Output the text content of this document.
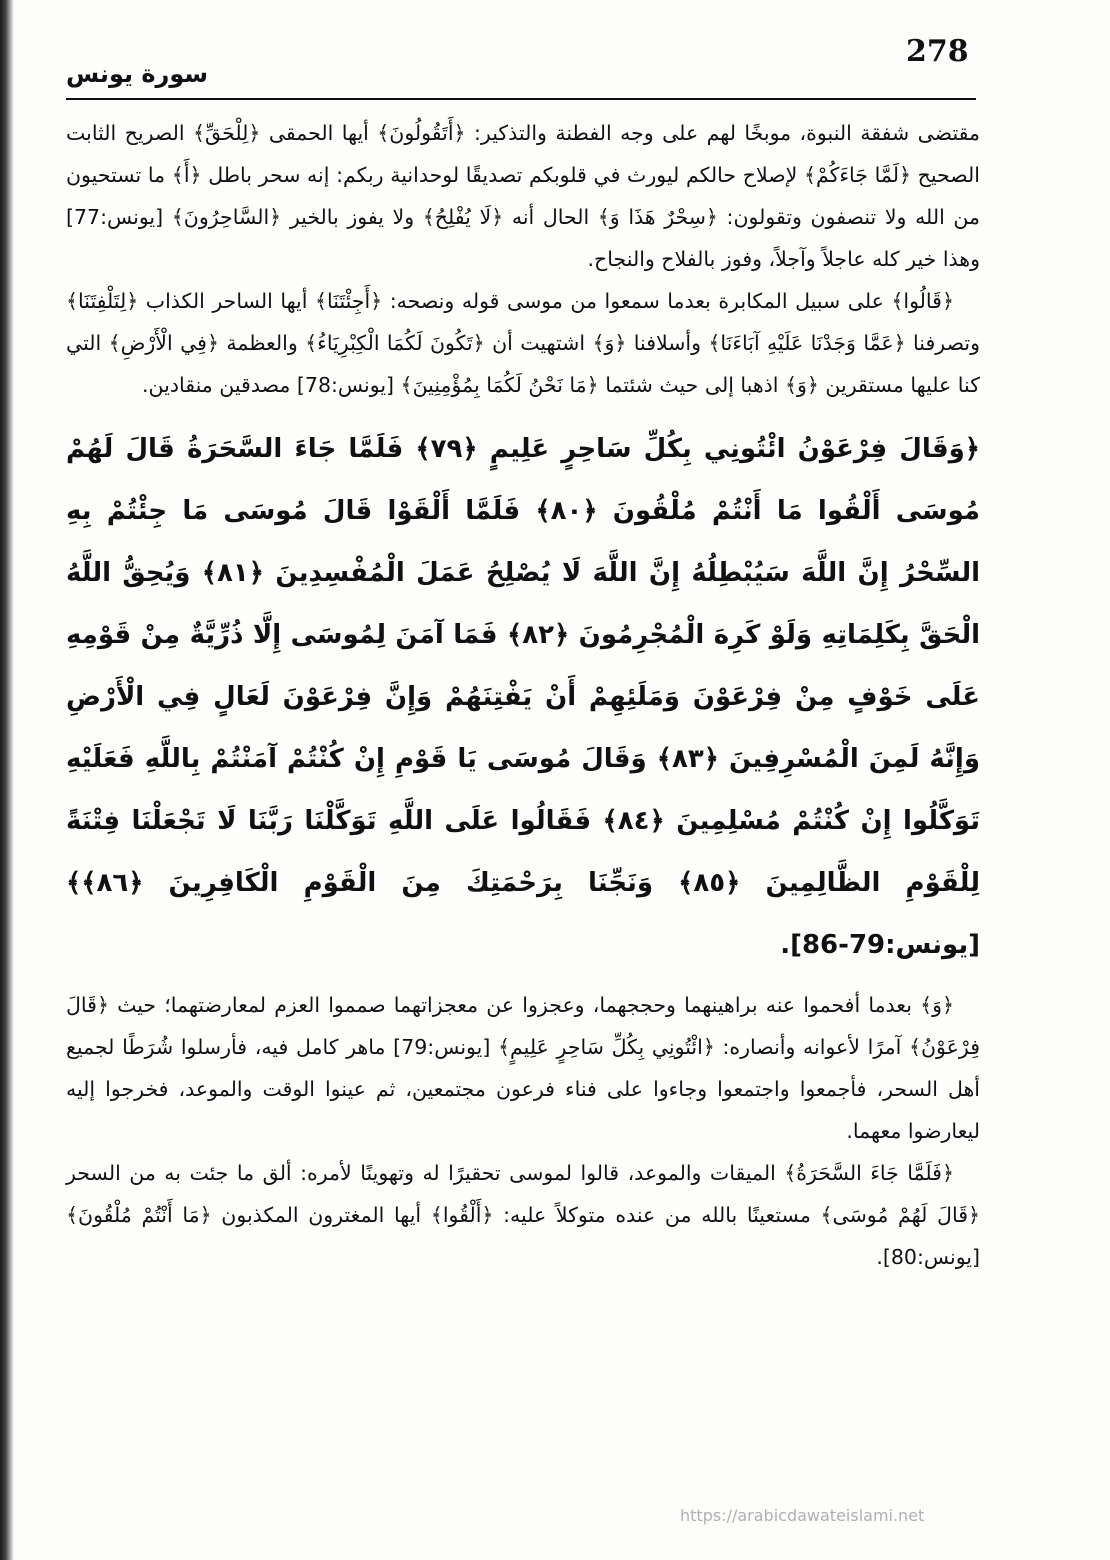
278
سورة يونس

مقتضى شفقة النبوة، موبخًا لهم على وجه الفطنة والتذكير: ﴿أَتَقُولُونَ﴾ أيها الحمقى ﴿لِلْحَقِّ﴾ الصريح الثابت الصحيح ﴿لَمَّا جَاءَكُمْ﴾ لإصلاح حالكم ليورث في قلوبكم تصديقًا لوحدانية ربكم: إنه سحر باطل ﴿أَ﴾ ما تستحيون من الله ولا تنصفون وتقولون: ﴿سِحْرٌ هَذَا وَ﴾ الحال أنه ﴿لَا يُفْلِحُ﴾ ولا يفوز بالخير ﴿السَّاحِرُونَ﴾ [يونس:77] وهذا خير كله عاجلاً وآجلاً، وفوز بالفلاح والنجاح.

﴿قَالُوا﴾ على سبيل المكابرة بعدما سمعوا من موسى قوله ونصحه: ﴿أَجِئْتَنَا﴾ أيها الساحر الكذاب ﴿لِتَلْفِتَنَا﴾ وتصرفنا ﴿عَمَّا وَجَدْنَا عَلَيْهِ آبَاءَنَا﴾ وأسلافنا ﴿وَ﴾ اشتهيت أن ﴿تَكُونَ لَكُمَا الْكِبْرِيَاءُ﴾ والعظمة ﴿فِي الْأَرْضِ﴾ التي كنا عليها مستقرين ﴿وَ﴾ اذهبا إلى حيث شئتما ﴿مَا نَحْنُ لَكُمَا بِمُؤْمِنِينَ﴾ [يونس:78] مصدقين منقادين.

﴿وَقَالَ فِرْعَوْنُ ائْتُونِي بِكُلِّ سَاحِرٍ عَلِيمٍ ﴿٧٩﴾ فَلَمَّا جَاءَ السَّحَرَةُ قَالَ لَهُمْ مُوسَى أَلْقُوا مَا أَنْتُمْ مُلْقُونَ ﴿٨٠﴾ فَلَمَّا أَلْقَوْا قَالَ مُوسَى مَا جِئْتُمْ بِهِ السِّحْرُ إِنَّ اللَّهَ سَيُبْطِلُهُ إِنَّ اللَّهَ لَا يُصْلِحُ عَمَلَ الْمُفْسِدِينَ ﴿٨١﴾ وَيُحِقُّ اللَّهُ الْحَقَّ بِكَلِمَاتِهِ وَلَوْ كَرِهَ الْمُجْرِمُونَ ﴿٨٢﴾ فَمَا آمَنَ لِمُوسَى إِلَّا ذُرِّيَّةٌ مِنْ قَوْمِهِ عَلَى خَوْفٍ مِنْ فِرْعَوْنَ وَمَلَئِهِمْ أَنْ يَفْتِنَهُمْ وَإِنَّ فِرْعَوْنَ لَعَالٍ فِي الْأَرْضِ وَإِنَّهُ لَمِنَ الْمُسْرِفِينَ ﴿٨٣﴾ وَقَالَ مُوسَى يَا قَوْمِ إِنْ كُنْتُمْ آمَنْتُمْ بِاللَّهِ فَعَلَيْهِ تَوَكَّلُوا إِنْ كُنْتُمْ مُسْلِمِينَ ﴿٨٤﴾ فَقَالُوا عَلَى اللَّهِ تَوَكَّلْنَا رَبَّنَا لَا تَجْعَلْنَا فِتْنَةً لِلْقَوْمِ الظَّالِمِينَ ﴿٨٥﴾ وَنَجِّنَا بِرَحْمَتِكَ مِنَ الْقَوْمِ الْكَافِرِينَ ﴿٨٦﴾﴾ [يونس:79-86].

﴿وَ﴾ بعدما أفحموا عنه براهينهما وحججهما، وعجزوا عن معجزاتهما صمموا العزم لمعارضتهما؛ حيث ﴿قَالَ فِرْعَوْنُ﴾ آمرًا لأعوانه وأنصاره: ﴿ائْتُونِي بِكُلِّ سَاحِرٍ عَلِيمٍ﴾ [يونس:79] ماهر كامل فيه، فأرسلوا شُرَطًا لجميع أهل السحر، فأجمعوا واجتمعوا وجاءوا على فناء فرعون مجتمعين، ثم عينوا الوقت والموعد، فخرجوا إليه ليعارضوا معهما.

﴿فَلَمَّا جَاءَ السَّحَرَةُ﴾ الميقات والموعد، قالوا لموسى تحقيرًا له وتهوينًا لأمره: ألق ما جئت به من السحر ﴿قَالَ لَهُمْ مُوسَى﴾ مستعينًا بالله من عنده متوكلاً عليه: ﴿أَلْقُوا﴾ أيها المغترون المكذبون ﴿مَا أَنْتُمْ مُلْقُونَ﴾ [يونس:80].

https://arabicdawateislami.net
